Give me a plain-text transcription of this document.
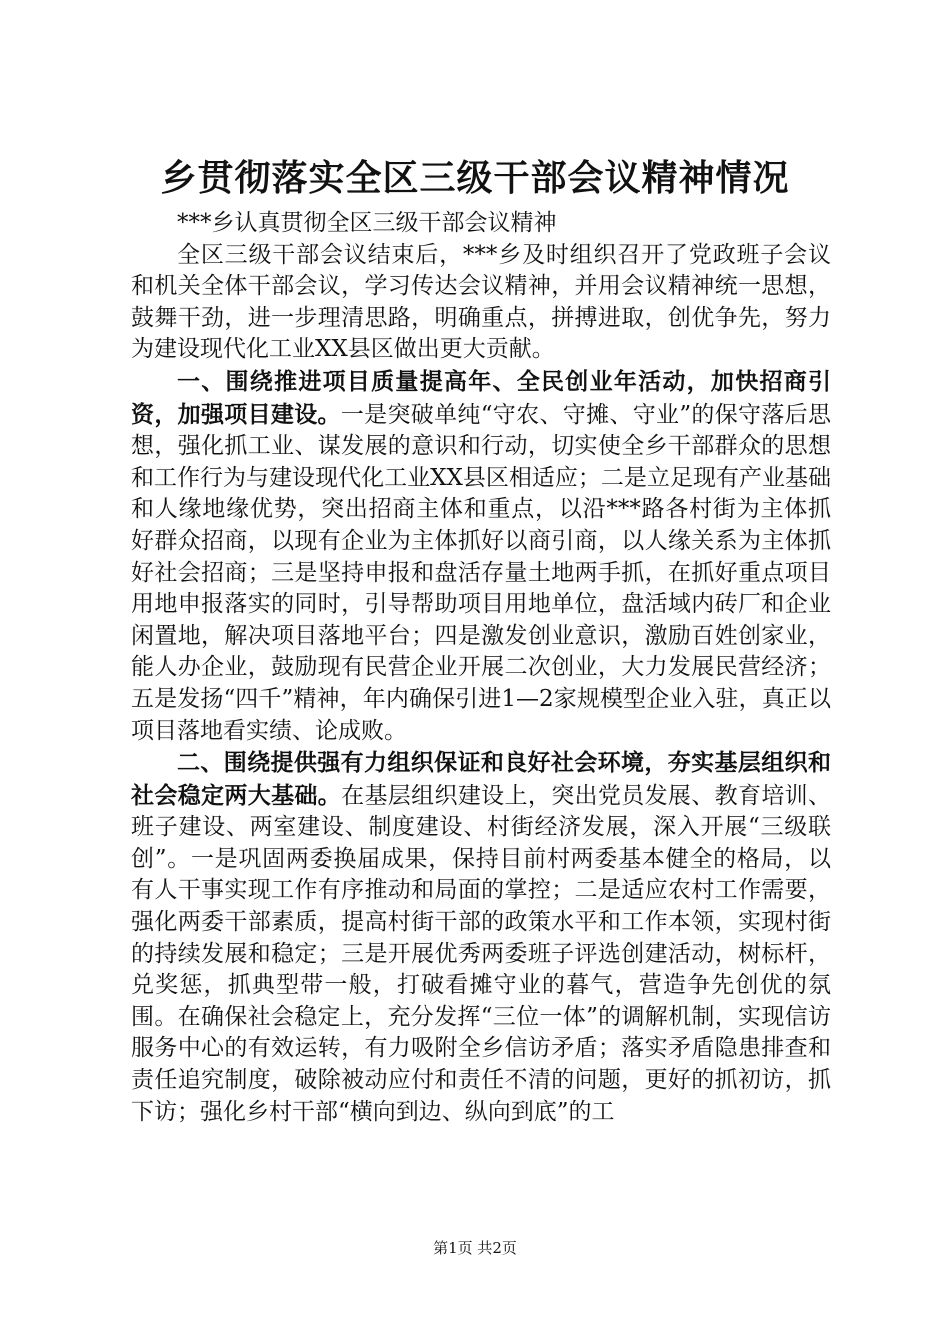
乡贯彻落实全区三级干部会议精神情况

***乡认真贯彻全区三级干部会议精神

全区三级干部会议结束后，***乡及时组织召开了党政班子会议和机关全体干部会议，学习传达会议精神，并用会议精神统一思想，鼓舞干劲，进一步理清思路，明确重点，拼搏进取，创优争先，努力为建设现代化工业XX县区做出更大贡献。

一、围绕推进项目质量提高年、全民创业年活动，加快招商引资，加强项目建设。一是突破单纯“守农、守摊、守业”的保守落后思想，强化抓工业、谋发展的意识和行动，切实使全乡干部群众的思想和工作行为与建设现代化工业XX县区相适应；二是立足现有产业基础和人缘地缘优势，突出招商主体和重点，以沿***路各村街为主体抓好群众招商，以现有企业为主体抓好以商引商，以人缘关系为主体抓好社会招商；三是坚持申报和盘活存量土地两手抓，在抓好重点项目用地申报落实的同时，引导帮助项目用地单位，盘活域内砖厂和企业闲置地，解决项目落地平台；四是激发创业意识，激励百姓创家业，能人办企业，鼓励现有民营企业开展二次创业，大力发展民营经济；五是发扬“四千”精神，年内确保引进1—2家规模型企业入驻，真正以项目落地看实绩、论成败。

二、围绕提供强有力组织保证和良好社会环境，夯实基层组织和社会稳定两大基础。在基层组织建设上，突出党员发展、教育培训、班子建设、两室建设、制度建设、村街经济发展，深入开展“三级联创”。一是巩固两委换届成果，保持目前村两委基本健全的格局，以有人干事实现工作有序推动和局面的掌控；二是适应农村工作需要，强化两委干部素质，提高村街干部的政策水平和工作本领，实现村街的持续发展和稳定；三是开展优秀两委班子评选创建活动，树标杆，兑奖惩，抓典型带一般，打破看摊守业的暮气，营造争先创优的氛围。在确保社会稳定上，充分发挥“三位一体”的调解机制，实现信访服务中心的有效运转，有力吸附全乡信访矛盾；落实矛盾隐患排查和责任追究制度，破除被动应付和责任不清的问题，更好的抓初访，抓下访；强化乡村干部“横向到边、纵向到底”的工

第1页 共2页
